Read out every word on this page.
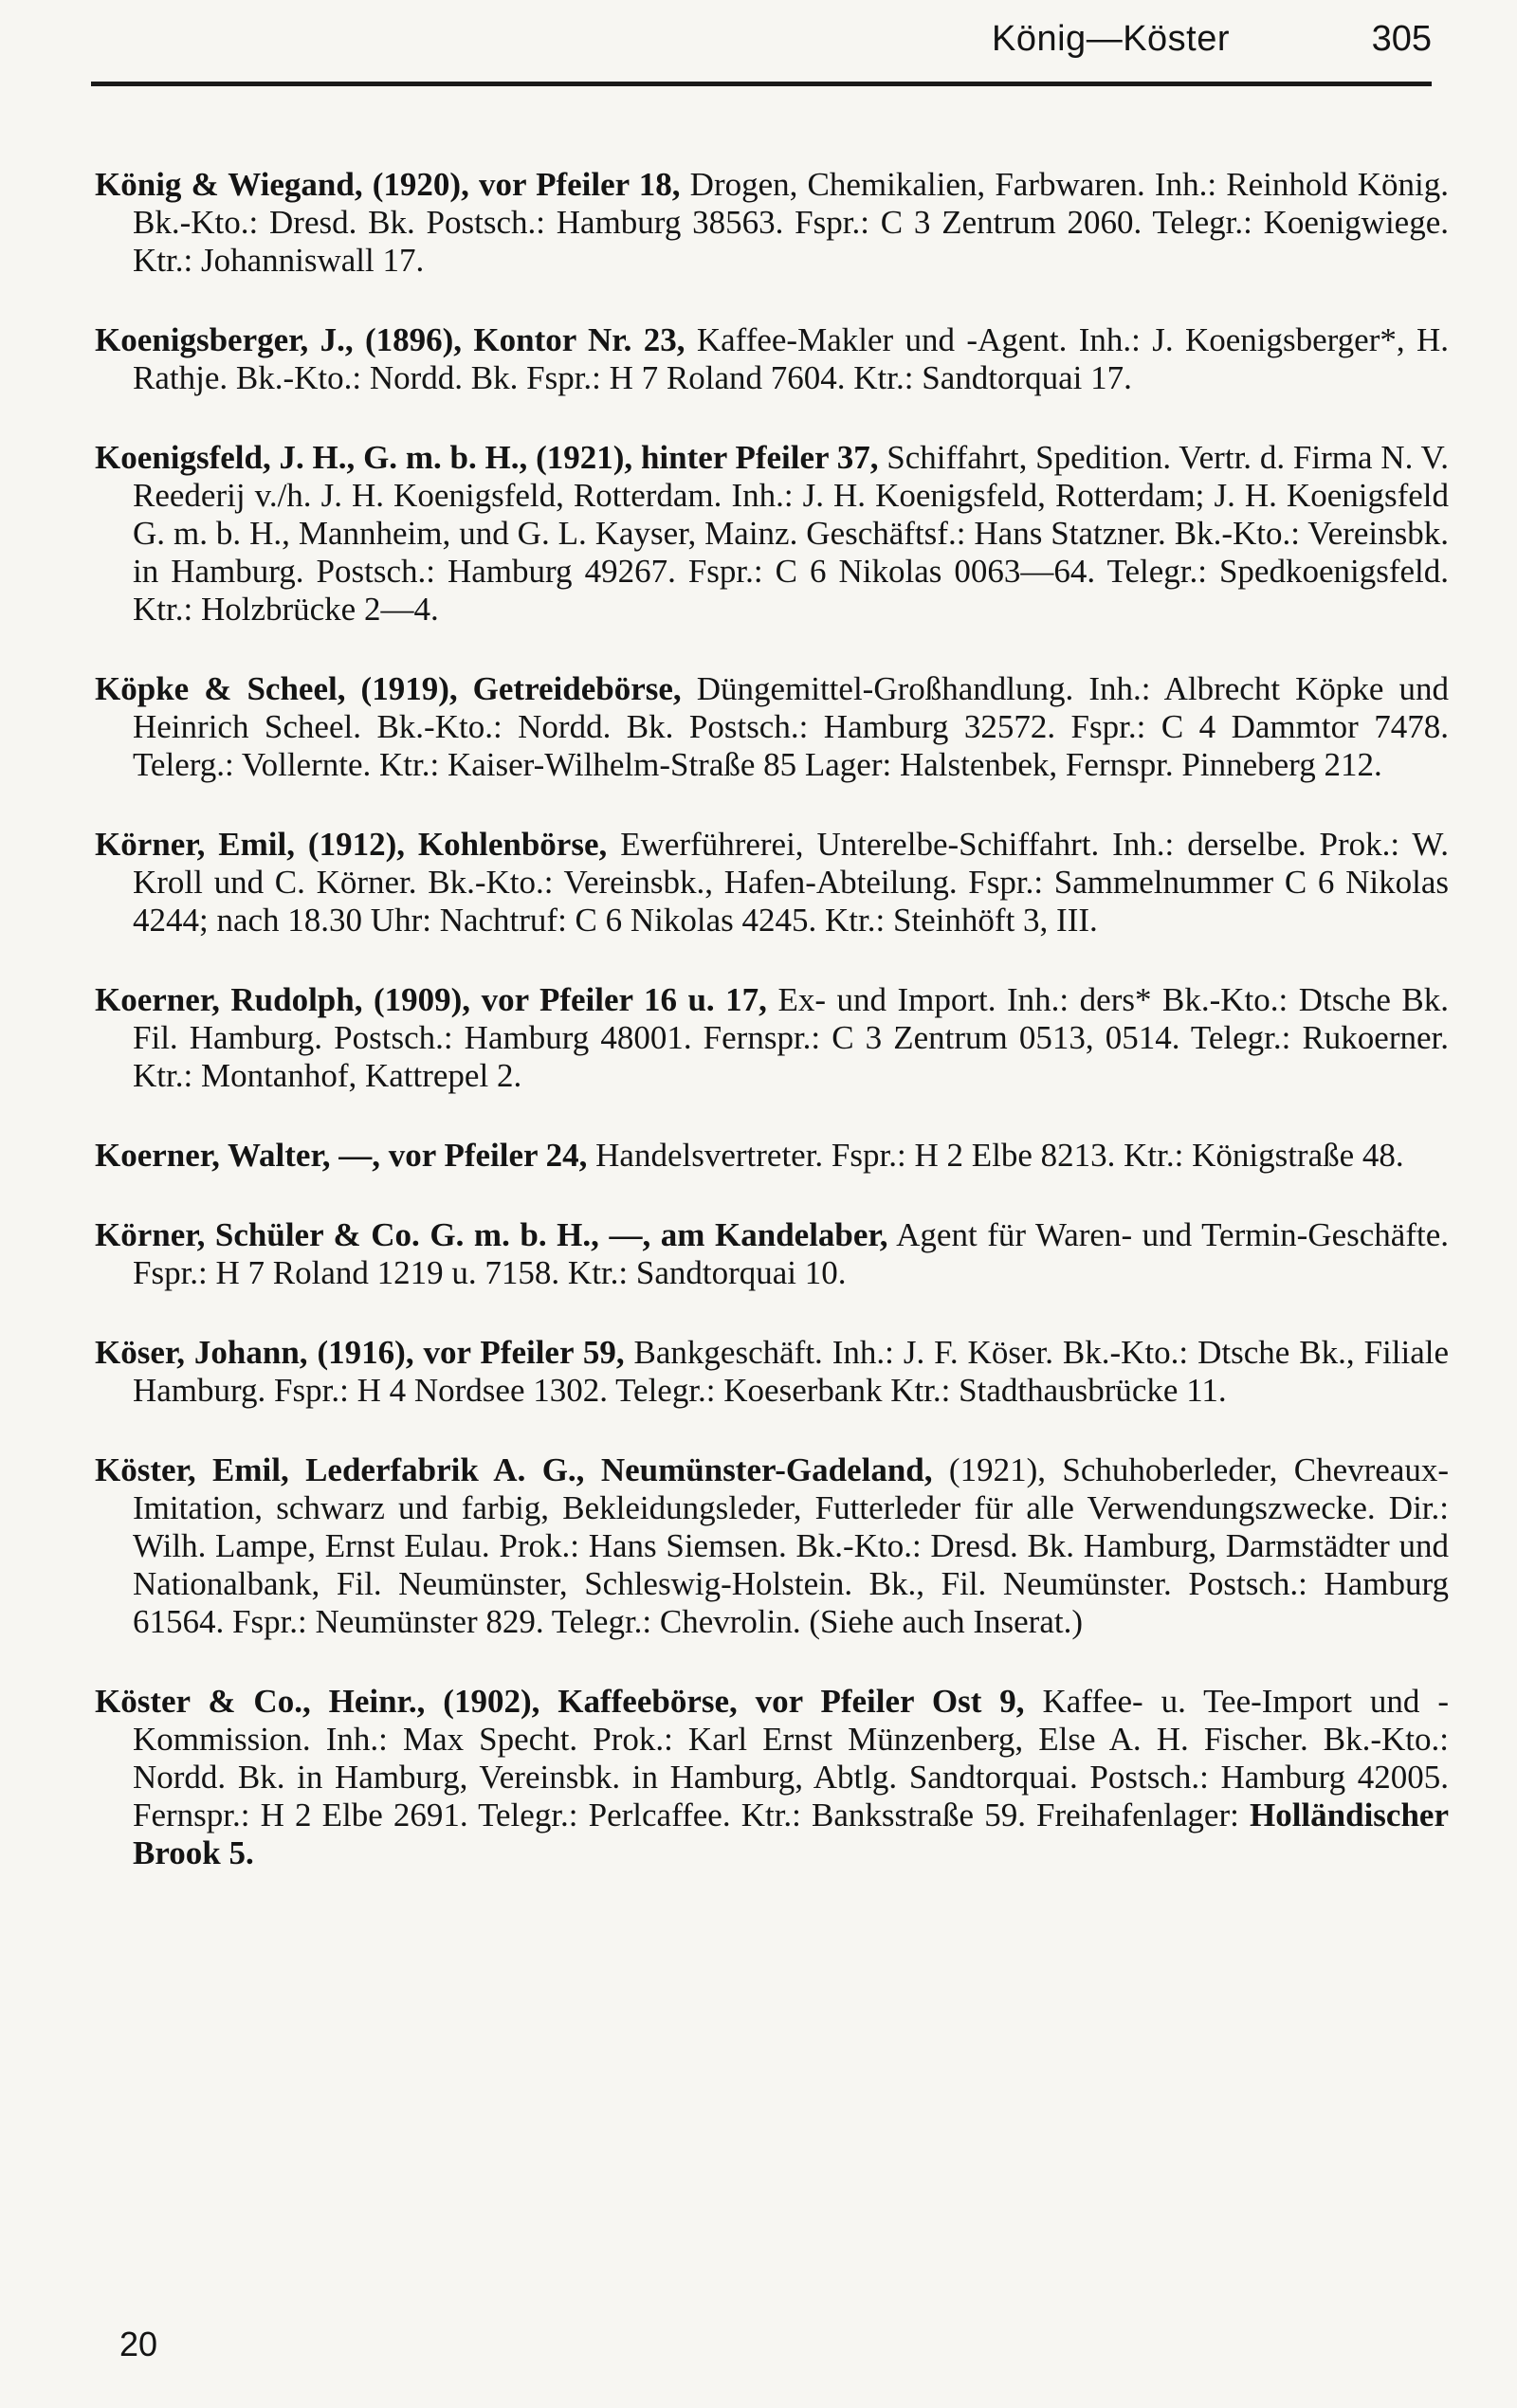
König—Köster	305

König & Wiegand, (1920), vor Pfeiler 18, Drogen, Chemikalien, Farbwaren. Inh.: Reinhold König. Bk.-Kto.: Dresd. Bk. Postsch.: Hamburg 38563. Fspr.: C 3 Zentrum 2060. Telegr.: Koenigwiege. Ktr.: Johanniswall 17.

Koenigsberger, J., (1896), Kontor Nr. 23, Kaffee-Makler und -Agent. Inh.: J. Koenigsberger*, H. Rathje. Bk.-Kto.: Nordd. Bk. Fspr.: H 7 Roland 7604. Ktr.: Sandtorquai 17.

Koenigsfeld, J. H., G. m. b. H., (1921), hinter Pfeiler 37, Schiffahrt, Spedition. Vertr. d. Firma N. V. Reederij v./h. J. H. Koenigsfeld, Rotterdam. Inh.: J. H. Koenigsfeld, Rotterdam; J. H. Koenigsfeld G. m. b. H., Mannheim, und G. L. Kayser, Mainz. Geschäftsf.: Hans Statzner. Bk.-Kto.: Vereinsbk. in Hamburg. Postsch.: Hamburg 49267. Fspr.: C 6 Nikolas 0063—64. Telegr.: Spedkoenigsfeld. Ktr.: Holzbrücke 2—4.

Köpke & Scheel, (1919), Getreidebörse, Düngemittel-Großhandlung. Inh.: Albrecht Köpke und Heinrich Scheel. Bk.-Kto.: Nordd. Bk. Postsch.: Hamburg 32572. Fspr.: C 4 Dammtor 7478. Telerg.: Vollernte. Ktr.: Kaiser-Wilhelm-Straße 85 Lager: Halstenbek, Fernspr. Pinneberg 212.

Körner, Emil, (1912), Kohlenbörse, Ewerführerei, Unterelbe-Schiffahrt. Inh.: derselbe. Prok.: W. Kroll und C. Körner. Bk.-Kto.: Vereinsbk., Hafen-Abteilung. Fspr.: Sammelnummer C 6 Nikolas 4244; nach 18.30 Uhr: Nachtruf: C 6 Nikolas 4245. Ktr.: Steinhöft 3, III.

Koerner, Rudolph, (1909), vor Pfeiler 16 u. 17, Ex- und Import. Inh.: ders* Bk.-Kto.: Dtsche Bk. Fil. Hamburg. Postsch.: Hamburg 48001. Fernspr.: C 3 Zentrum 0513, 0514. Telegr.: Rukoerner. Ktr.: Montanhof, Kattrepel 2.

Koerner, Walter, —, vor Pfeiler 24, Handelsvertreter. Fspr.: H 2 Elbe 8213. Ktr.: Königstraße 48.

Körner, Schüler & Co. G. m. b. H., —, am Kandelaber, Agent für Waren- und Termin-Geschäfte. Fspr.: H 7 Roland 1219 u. 7158. Ktr.: Sandtorquai 10.

Köser, Johann, (1916), vor Pfeiler 59, Bankgeschäft. Inh.: J. F. Köser. Bk.-Kto.: Dtsche Bk., Filiale Hamburg. Fspr.: H 4 Nordsee 1302. Telegr.: Koeserbank Ktr.: Stadthausbrücke 11.

Köster, Emil, Lederfabrik A. G., Neumünster-Gadeland, (1921), Schuhoberleder, Chevreaux-Imitation, schwarz und farbig, Bekleidungsleder, Futterleder für alle Verwendungszwecke. Dir.: Wilh. Lampe, Ernst Eulau. Prok.: Hans Siemsen. Bk.-Kto.: Dresd. Bk. Hamburg, Darmstädter und Nationalbank, Fil. Neumünster, Schleswig-Holstein. Bk., Fil. Neumünster. Postsch.: Hamburg 61564. Fspr.: Neumünster 829. Telegr.: Chevrolin. (Siehe auch Inserat.)

Köster & Co., Heinr., (1902), Kaffeebörse, vor Pfeiler Ost 9, Kaffee- u. Tee-Import und -Kommission. Inh.: Max Specht. Prok.: Karl Ernst Münzenberg, Else A. H. Fischer. Bk.-Kto.: Nordd. Bk. in Hamburg, Vereinsbk. in Hamburg, Abtlg. Sandtorquai. Postsch.: Hamburg 42005. Fernspr.: H 2 Elbe 2691. Telegr.: Perlcaffee. Ktr.: Banksstraße 59. Freihafenlager: Holländischer Brook 5.

20
